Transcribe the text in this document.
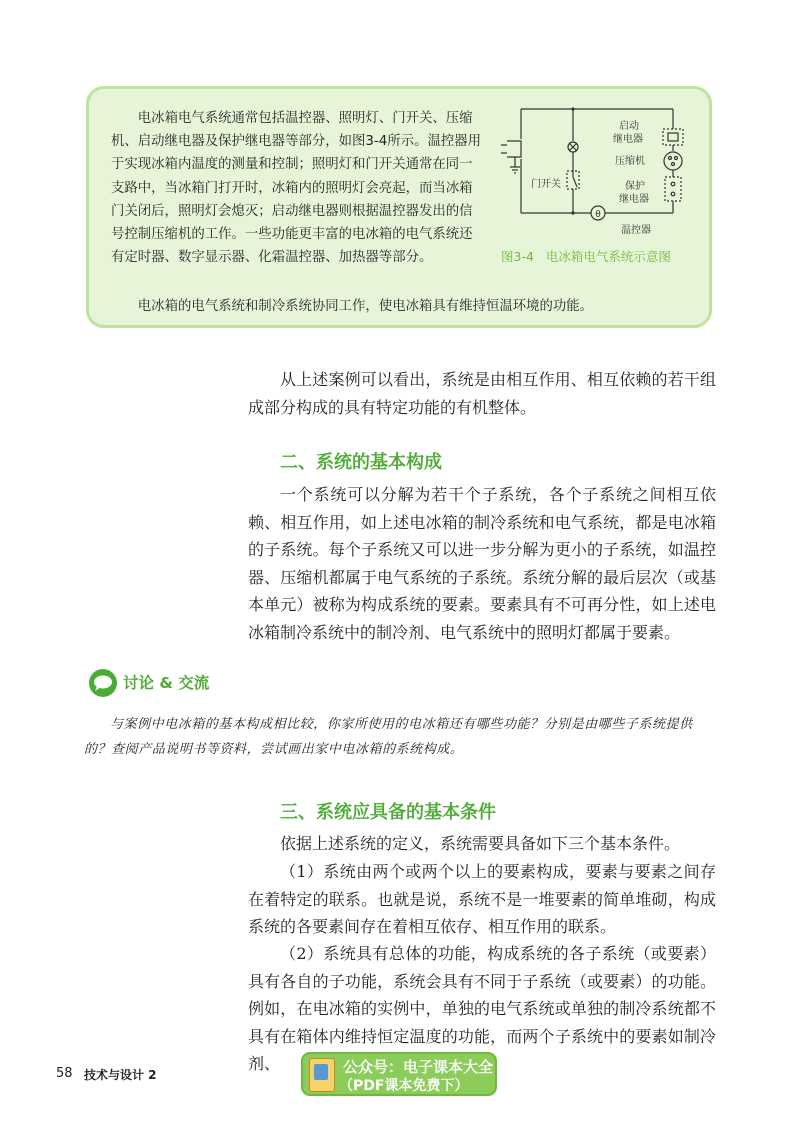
电冰箱电气系统通常包括温控器、照明灯、门开关、压缩机、启动继电器及保护继电器等部分，如图3-4所示。温控器用于实现冰箱内温度的测量和控制；照明灯和门开关通常在同一支路中，当冰箱门打开时，冰箱内的照明灯会亮起，而当冰箱门关闭后，照明灯会熄灭；启动继电器则根据温控器发出的信号控制压缩机的工作。一些功能更丰富的电冰箱的电气系统还有定时器、数字显示器、化霜温控器、加热器等部分。

θ
启动
继电器
压缩机
保护
继电器
门开关
温控器
图3-4 电冰箱电气系统示意图

电冰箱的电气系统和制冷系统协同工作，使电冰箱具有维持恒温环境的功能。

从上述案例可以看出，系统是由相互作用、相互依赖的若干组成部分构成的具有特定功能的有机整体。

二、系统的基本构成

一个系统可以分解为若干个子系统，各个子系统之间相互依赖、相互作用，如上述电冰箱的制冷系统和电气系统，都是电冰箱的子系统。每个子系统又可以进一步分解为更小的子系统，如温控器、压缩机都属于电气系统的子系统。系统分解的最后层次（或基本单元）被称为构成系统的要素。要素具有不可再分性，如上述电冰箱制冷系统中的制冷剂、电气系统中的照明灯都属于要素。

讨论 & 交流

与案例中电冰箱的基本构成相比较，你家所使用的电冰箱还有哪些功能？分别是由哪些子系统提供的？查阅产品说明书等资料，尝试画出家中电冰箱的系统构成。

三、系统应具备的基本条件

依据上述系统的定义，系统需要具备如下三个基本条件。

（1）系统由两个或两个以上的要素构成，要素与要素之间存在着特定的联系。也就是说，系统不是一堆要素的简单堆砌，构成系统的各要素间存在着相互依存、相互作用的联系。

（2）系统具有总体的功能，构成系统的各子系统（或要素）具有各自的子功能，系统会具有不同于子系统（或要素）的功能。例如，在电冰箱的实例中，单独的电气系统或单独的制冷系统都不具有在箱体内维持恒定温度的功能，而两个子系统中的要素如制冷剂、

58 技术与设计 2	公众号：电子课本大全
（PDF课本免费下）
